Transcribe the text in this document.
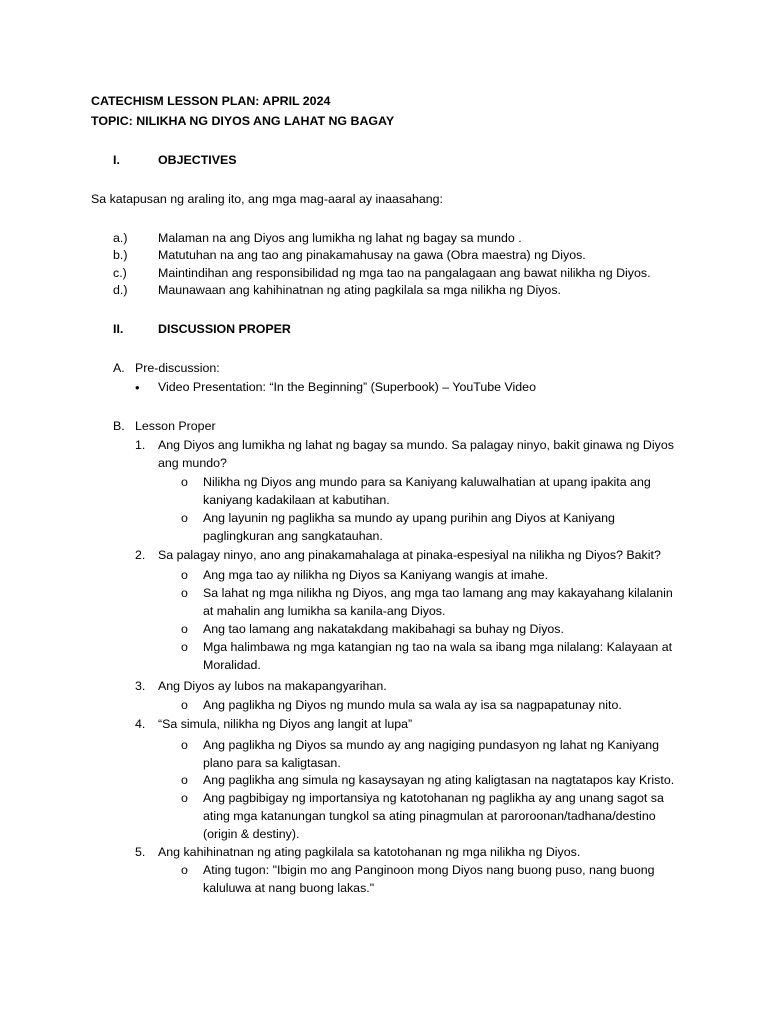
CATECHISM LESSON PLAN: APRIL 2024
TOPIC: NILIKHA NG DIYOS ANG LAHAT NG BAGAY
I.	OBJECTIVES
Sa katapusan ng araling ito, ang mga mag-aaral ay inaasahang:
a.) Malaman na ang Diyos ang lumikha ng lahat ng bagay sa mundo .
b.) Matutuhan na ang tao ang pinakamahusay na gawa (Obra maestra) ng Diyos.
c.)	Maintindihan ang responsibilidad ng mga tao na pangalagaan ang bawat nilikha ng Diyos.
d.) Maunawaan ang kahihinatnan ng ating pagkilala sa mga nilikha ng Diyos.
II.	DISCUSSION PROPER
A. Pre-discussion:
• Video Presentation: “In the Beginning” (Superbook) – YouTube Video
B. Lesson Proper
1. Ang Diyos ang lumikha ng lahat ng bagay sa mundo. Sa palagay ninyo, bakit ginawa ng Diyos
ang mundo?
o Nilikha ng Diyos ang mundo para sa Kaniyang kaluwalhatian at upang ipakita ang
kaniyang kadakilaan at kabutihan.
o Ang layunin ng paglikha sa mundo ay upang purihin ang Diyos at Kaniyang
paglingkuran ang sangkatauhan.
2. Sa palagay ninyo, ano ang pinakamahalaga at pinaka-espesiyal na nilikha ng Diyos? Bakit?
o Ang mga tao ay nilikha ng Diyos sa Kaniyang wangis at imahe.
o Sa lahat ng mga nilikha ng Diyos, ang mga tao lamang ang may kakayahang kilalanin
at mahalin ang lumikha sa kanila-ang Diyos.
o Ang tao lamang ang nakatakdang makibahagi sa buhay ng Diyos.
o Mga halimbawa ng mga katangian ng tao na wala sa ibang mga nilalang: Kalayaan at
Moralidad.
3. Ang Diyos ay lubos na makapangyarihan.
o Ang paglikha ng Diyos ng mundo mula sa wala ay isa sa nagpapatunay nito.
4. “Sa simula, nilikha ng Diyos ang langit at lupa”
o Ang paglikha ng Diyos sa mundo ay ang nagiging pundasyon ng lahat ng Kaniyang
plano para sa kaligtasan.
o Ang paglikha ang simula ng kasaysayan ng ating kaligtasan na nagtatapos kay Kristo.
o Ang pagbibigay ng importansiya ng katotohanan ng paglikha ay ang unang sagot sa
ating mga katanungan tungkol sa ating pinagmulan at paroroonan/tadhana/destino
(origin & destiny).
5. Ang kahihinatnan ng ating pagkilala sa katotohanan ng mga nilikha ng Diyos.
o Ating tugon: "Ibigin mo ang Panginoon mong Diyos nang buong puso, nang buong
kaluluwa at nang buong lakas."
